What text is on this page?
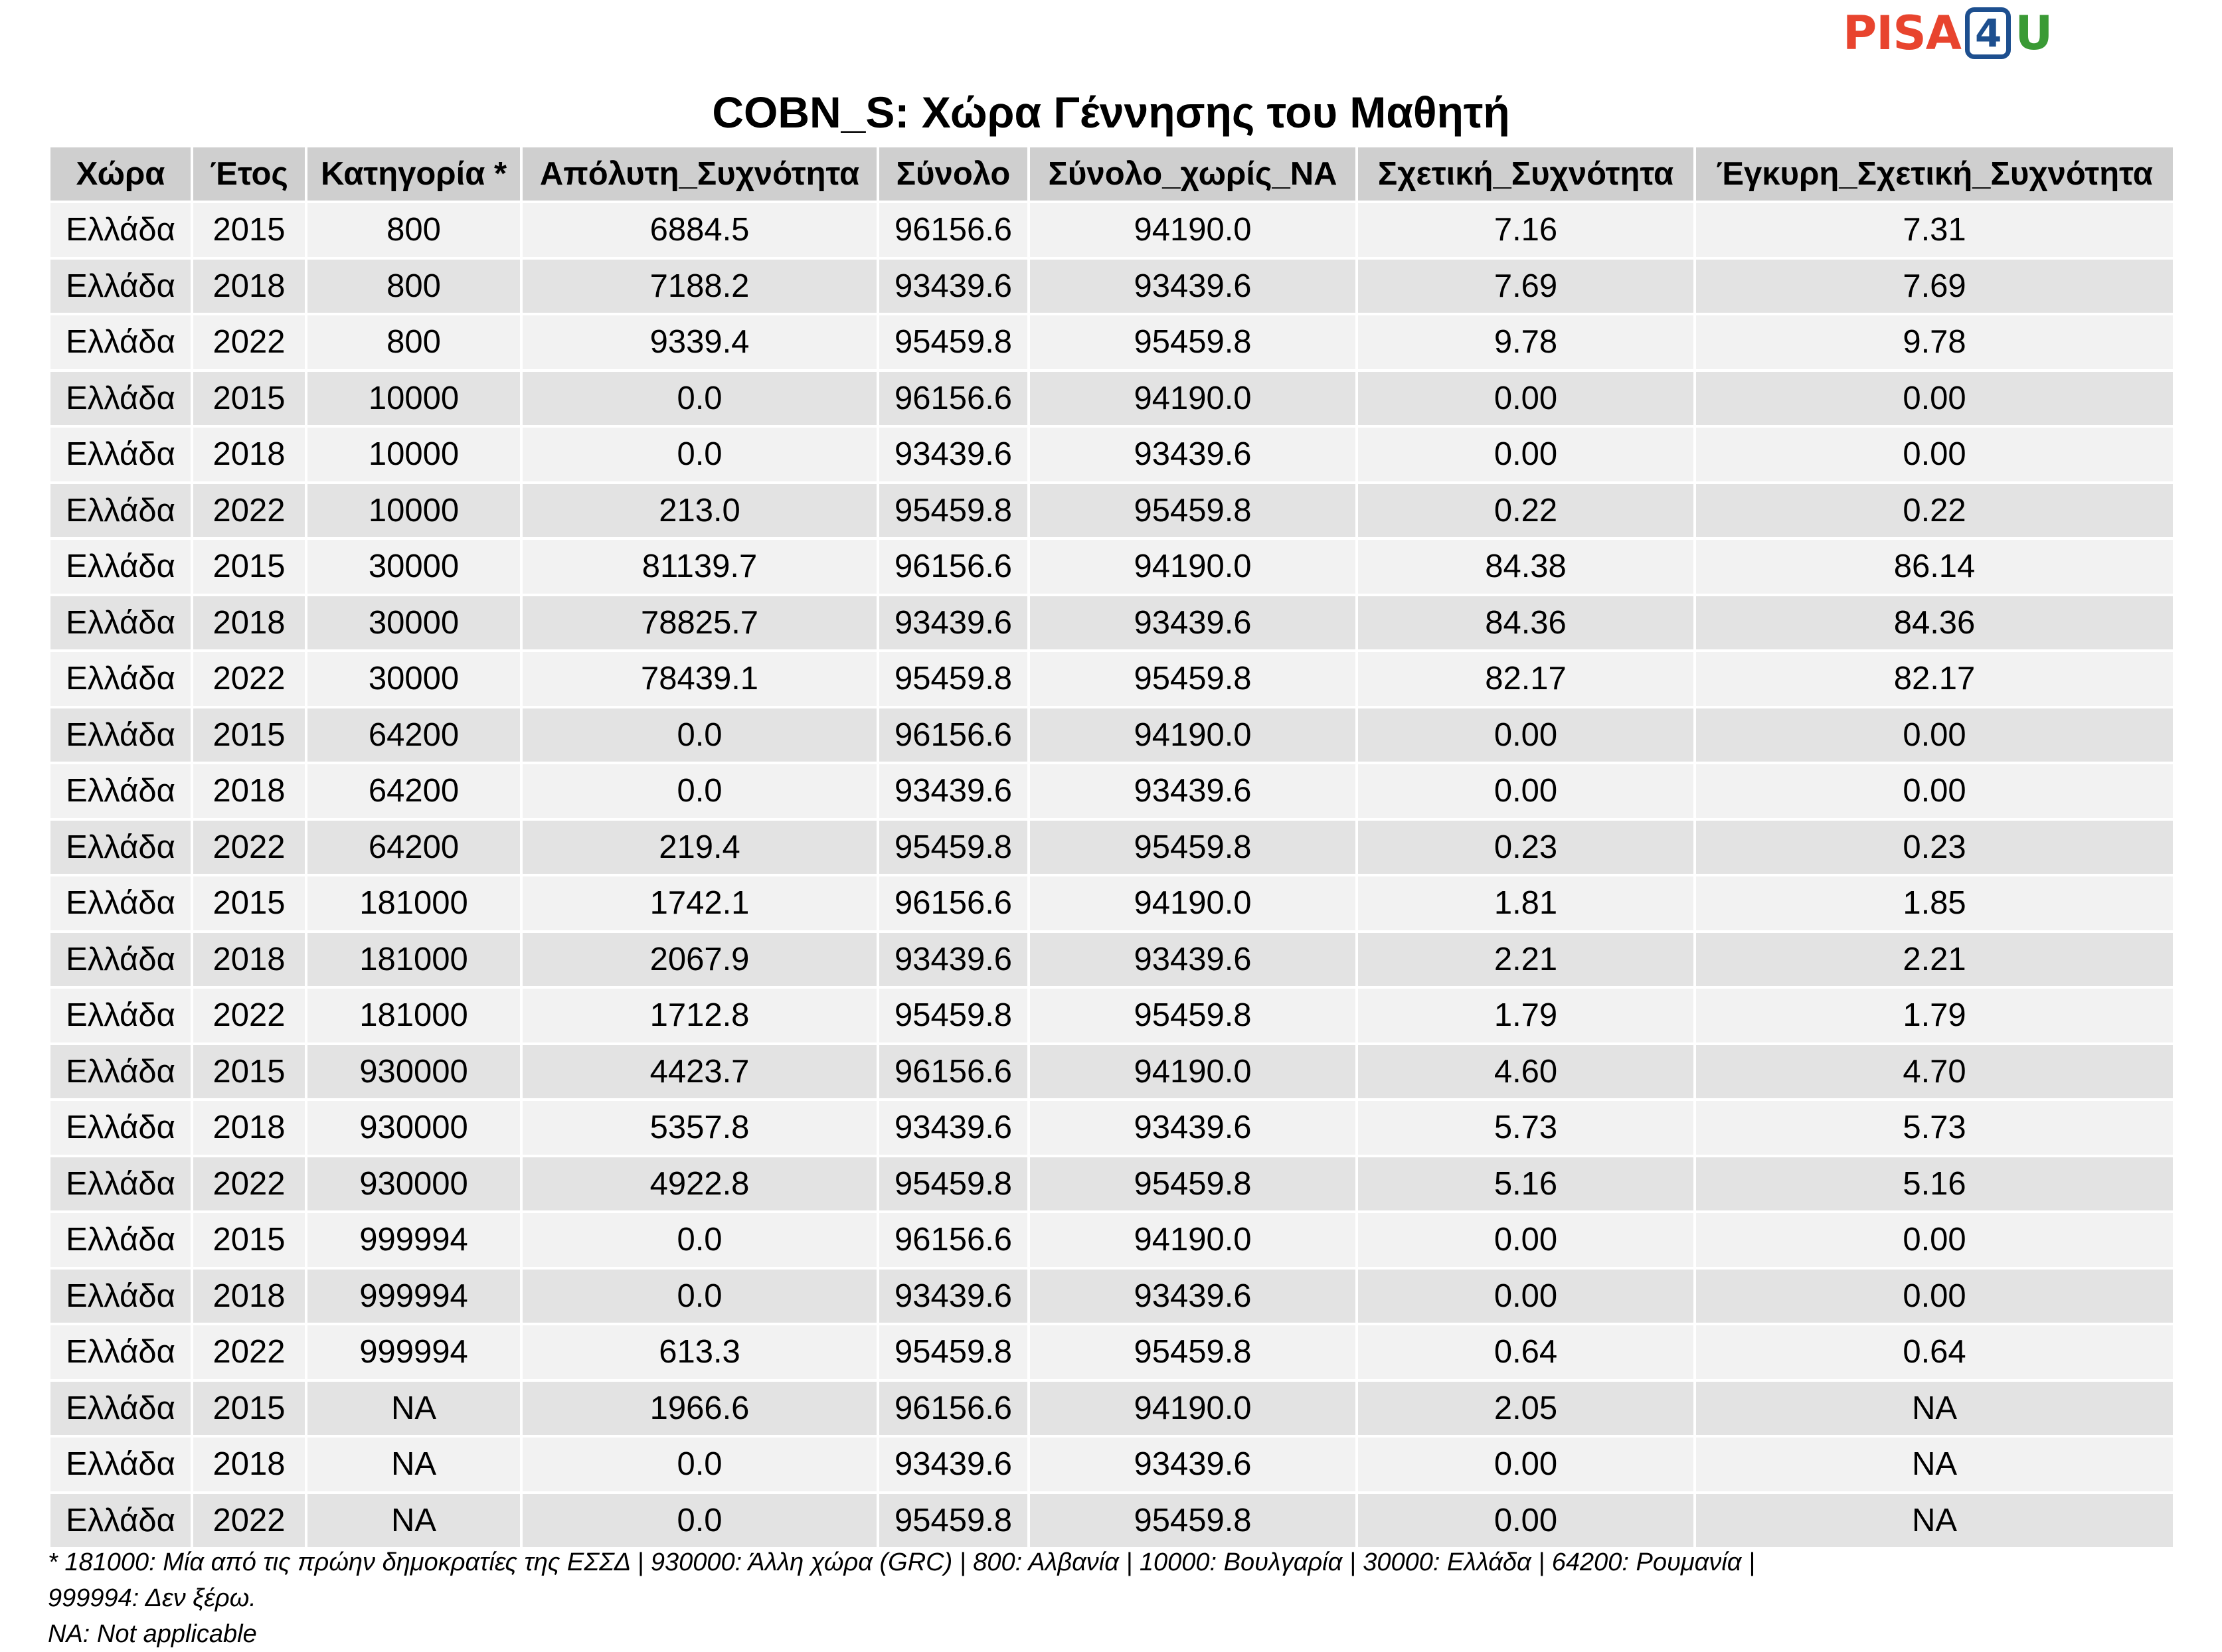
PISA 4 U
COBN_S: Χώρα Γέννησης του Μαθητή
Χώρα	Έτος	Κατηγορία *	Απόλυτη_Συχνότητα	Σύνολο	Σύνολο_χωρίς_NA	Σχετική_Συχνότητα	Έγκυρη_Σχετική_Συχνότητα
Ελλάδα	2015	800	6884.5	96156.6	94190.0	7.16	7.31
Ελλάδα	2018	800	7188.2	93439.6	93439.6	7.69	7.69
Ελλάδα	2022	800	9339.4	95459.8	95459.8	9.78	9.78
Ελλάδα	2015	10000	0.0	96156.6	94190.0	0.00	0.00
Ελλάδα	2018	10000	0.0	93439.6	93439.6	0.00	0.00
Ελλάδα	2022	10000	213.0	95459.8	95459.8	0.22	0.22
Ελλάδα	2015	30000	81139.7	96156.6	94190.0	84.38	86.14
Ελλάδα	2018	30000	78825.7	93439.6	93439.6	84.36	84.36
Ελλάδα	2022	30000	78439.1	95459.8	95459.8	82.17	82.17
Ελλάδα	2015	64200	0.0	96156.6	94190.0	0.00	0.00
Ελλάδα	2018	64200	0.0	93439.6	93439.6	0.00	0.00
Ελλάδα	2022	64200	219.4	95459.8	95459.8	0.23	0.23
Ελλάδα	2015	181000	1742.1	96156.6	94190.0	1.81	1.85
Ελλάδα	2018	181000	2067.9	93439.6	93439.6	2.21	2.21
Ελλάδα	2022	181000	1712.8	95459.8	95459.8	1.79	1.79
Ελλάδα	2015	930000	4423.7	96156.6	94190.0	4.60	4.70
Ελλάδα	2018	930000	5357.8	93439.6	93439.6	5.73	5.73
Ελλάδα	2022	930000	4922.8	95459.8	95459.8	5.16	5.16
Ελλάδα	2015	999994	0.0	96156.6	94190.0	0.00	0.00
Ελλάδα	2018	999994	0.0	93439.6	93439.6	0.00	0.00
Ελλάδα	2022	999994	613.3	95459.8	95459.8	0.64	0.64
Ελλάδα	2015	NA	1966.6	96156.6	94190.0	2.05	NA
Ελλάδα	2018	NA	0.0	93439.6	93439.6	0.00	NA
Ελλάδα	2022	NA	0.0	95459.8	95459.8	0.00	NA

* 181000: Μία από τις πρώην δημοκρατίες της ΕΣΣΔ | 930000: Άλλη χώρα (GRC) | 800: Αλβανία | 10000: Βουλγαρία | 30000: Ελλάδα | 64200: Ρουμανία |

999994: Δεν ξέρω.

NA: Not applicable
